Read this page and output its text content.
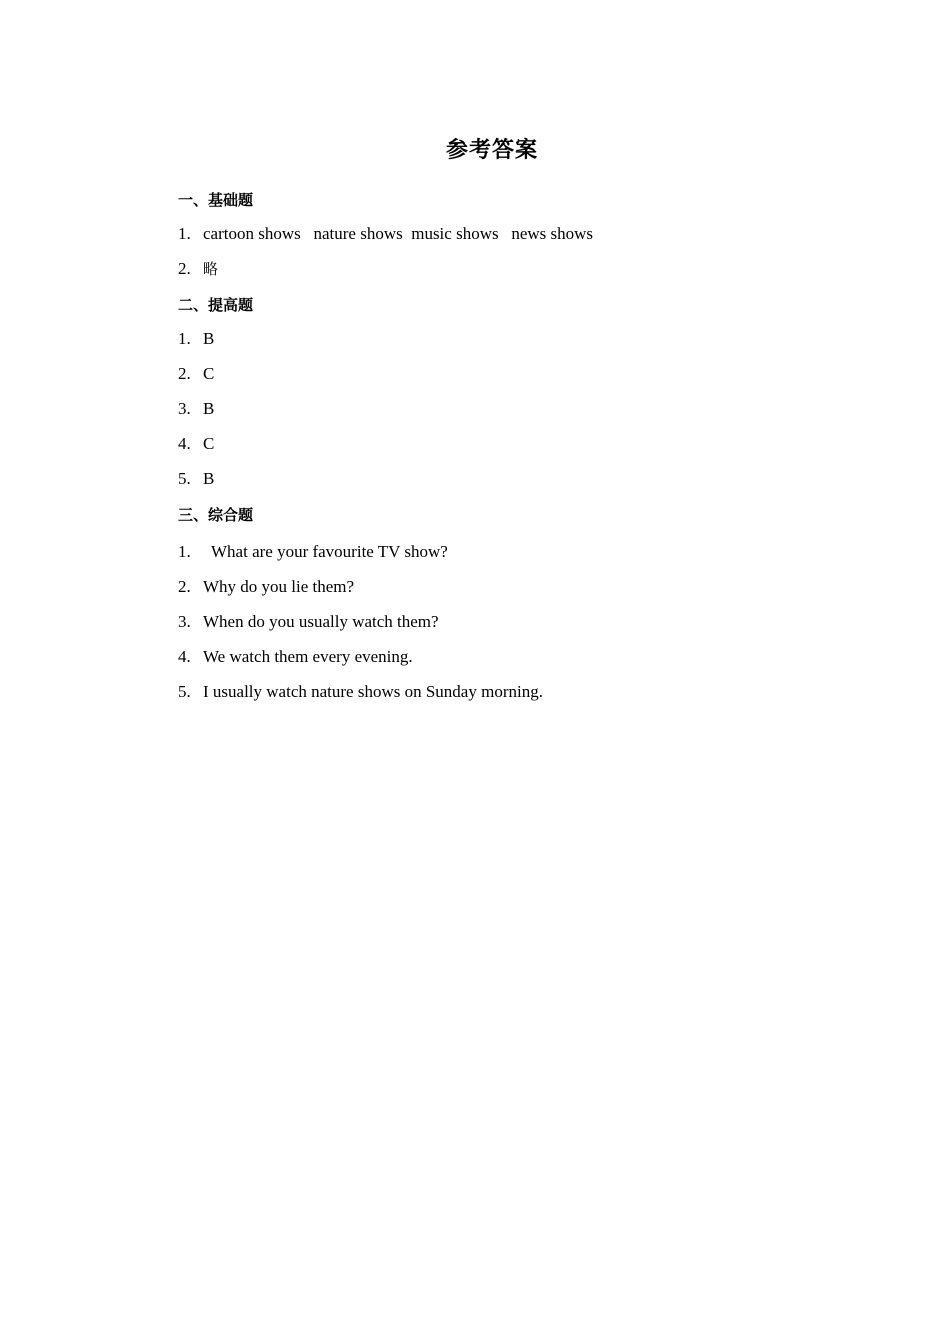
参考答案
一、基础题
1. cartoon shows   nature shows  music shows   news shows
2. 略
二、提高题
1. B
2. C
3. B
4. C
5. B
三、综合题
1. What are your favourite TV show?
2. Why do you lie them?
3. When do you usually watch them?
4. We watch them every evening.
5. I usually watch nature shows on Sunday morning.
